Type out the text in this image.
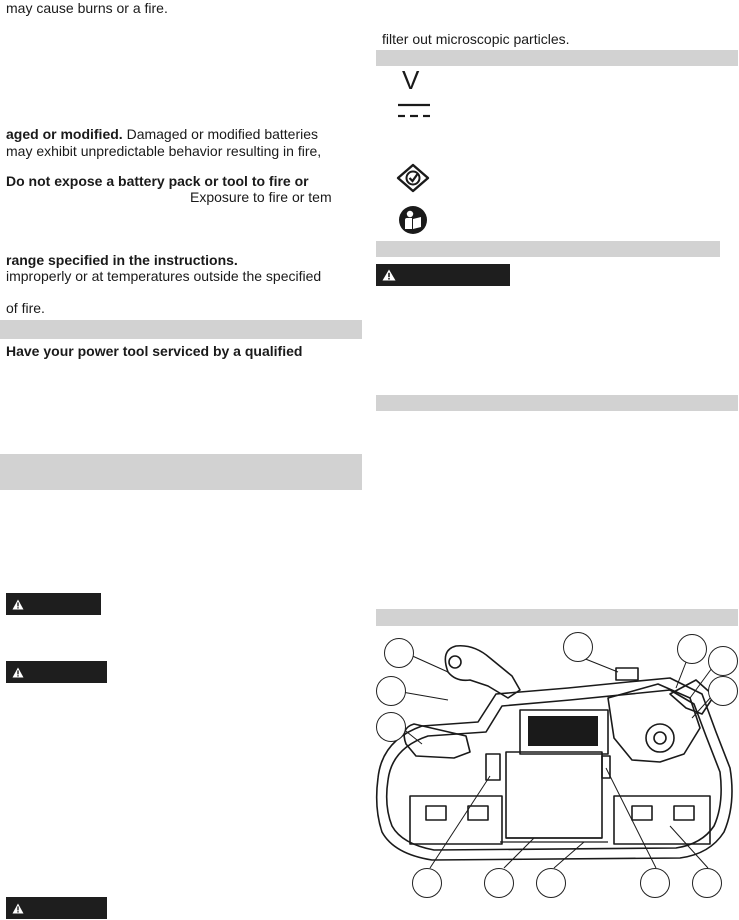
may cause burns or a fire.
aged or modified. Damaged or modified batteries
may exhibit unpredictable behavior resulting in fire,
Do not expose a battery pack or tool to fire or
Exposure to fire or tem
range specified in the instructions.
improperly or at temperatures outside the specified
of fire.
Have your power tool serviced by a qualified
filter out microscopic particles.
V
